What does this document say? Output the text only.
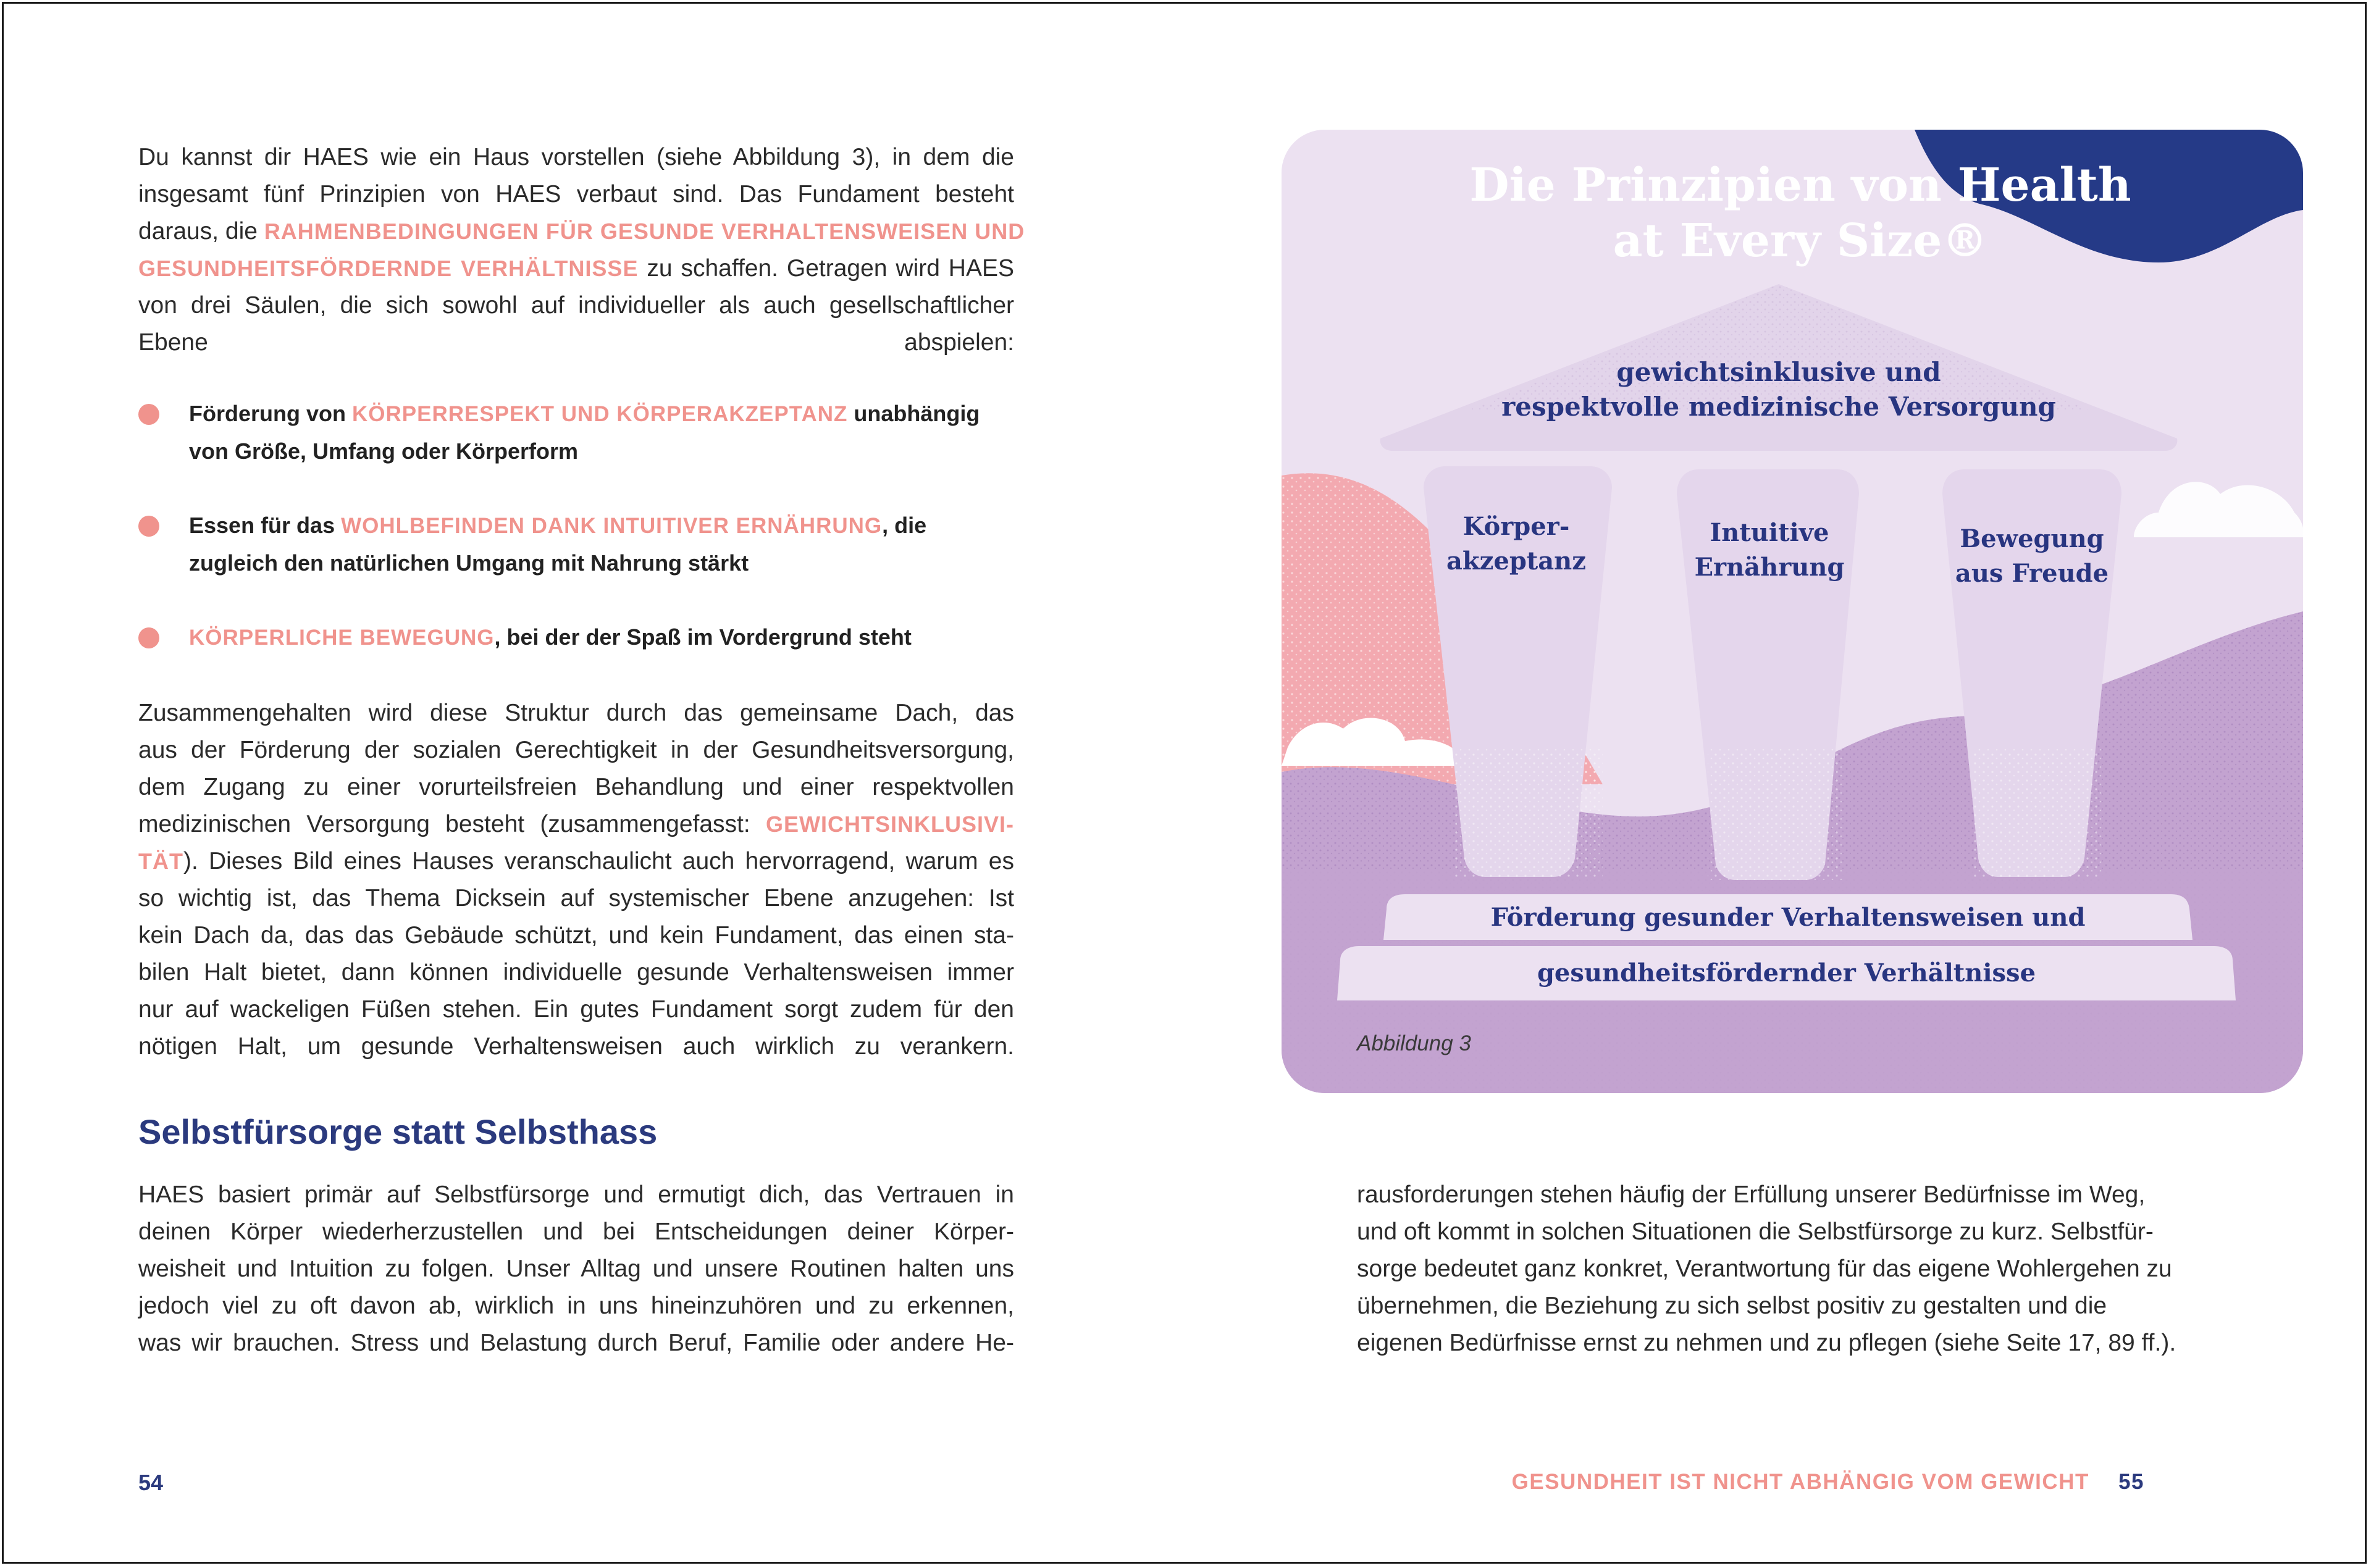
Du kannst dir HAES wie ein Haus vorstellen (siehe Abbildung 3), in dem die
insgesamt fünf Prinzipien von HAES verbaut sind. Das Fundament besteht
daraus, die RAHMENBEDINGUNGEN FÜR GESUNDE VERHALTENSWEISEN UND
GESUNDHEITSFÖRDERNDE VERHÄLTNISSE zu schaffen. Getragen wird HAES
von drei Säulen, die sich sowohl auf individueller als auch gesellschaftlicher
Ebene abspielen:
Förderung von KÖRPERRESPEKT UND KÖRPERAKZEPTANZ unabhängig
von Größe, Umfang oder Körperform
Essen für das WOHLBEFINDEN DANK INTUITIVER ERNÄHRUNG, die
zugleich den natürlichen Umgang mit Nahrung stärkt
KÖRPERLICHE BEWEGUNG, bei der der Spaß im Vordergrund steht
Zusammengehalten wird diese Struktur durch das gemeinsame Dach, das
aus der Förderung der sozialen Gerechtigkeit in der Gesundheitsversorgung,
dem Zugang zu einer vorurteilsfreien Behandlung und einer respektvollen
medizinischen Versorgung besteht (zusammengefasst: GEWICHTSINKLUSIVI-
TÄT). Dieses Bild eines Hauses veranschaulicht auch hervorragend, warum es
so wichtig ist, das Thema Dicksein auf systemischer Ebene anzugehen: Ist
kein Dach da, das das Gebäude schützt, und kein Fundament, das einen sta-
bilen Halt bietet, dann können individuelle gesunde Verhaltensweisen immer
nur auf wackeligen Füßen stehen. Ein gutes Fundament sorgt zudem für den
nötigen Halt, um gesunde Verhaltensweisen auch wirklich zu verankern.
Selbstfürsorge statt Selbsthass
HAES basiert primär auf Selbstfürsorge und ermutigt dich, das Vertrauen in
deinen Körper wiederherzustellen und bei Entscheidungen deiner Körper-
weisheit und Intuition zu folgen. Unser Alltag und unsere Routinen halten uns
jedoch viel zu oft davon ab, wirklich in uns hineinzuhören und zu erkennen,
was wir brauchen. Stress und Belastung durch Beruf, Familie oder andere He-
54
Die Prinzipien von Health
at Every Size®
gewichtsinklusive und
respektvolle medizinische Versorgung
Körper-
akzeptanz
Intuitive
Ernährung
Bewegung
aus Freude
Förderung gesunder Verhaltensweisen und
gesundheitsfördernder Verhältnisse
Abbildung 3
rausforderungen stehen häufig der Erfüllung unserer Bedürfnisse im Weg,
und oft kommt in solchen Situationen die Selbstfürsorge zu kurz. Selbstfür-
sorge bedeutet ganz konkret, Verantwortung für das eigene Wohlergehen zu
übernehmen, die Beziehung zu sich selbst positiv zu gestalten und die
eigenen Bedürfnisse ernst zu nehmen und zu pflegen (siehe Seite 17, 89 ff.).
GESUNDHEIT IST NICHT ABHÄNGIG VOM GEWICHT 55
